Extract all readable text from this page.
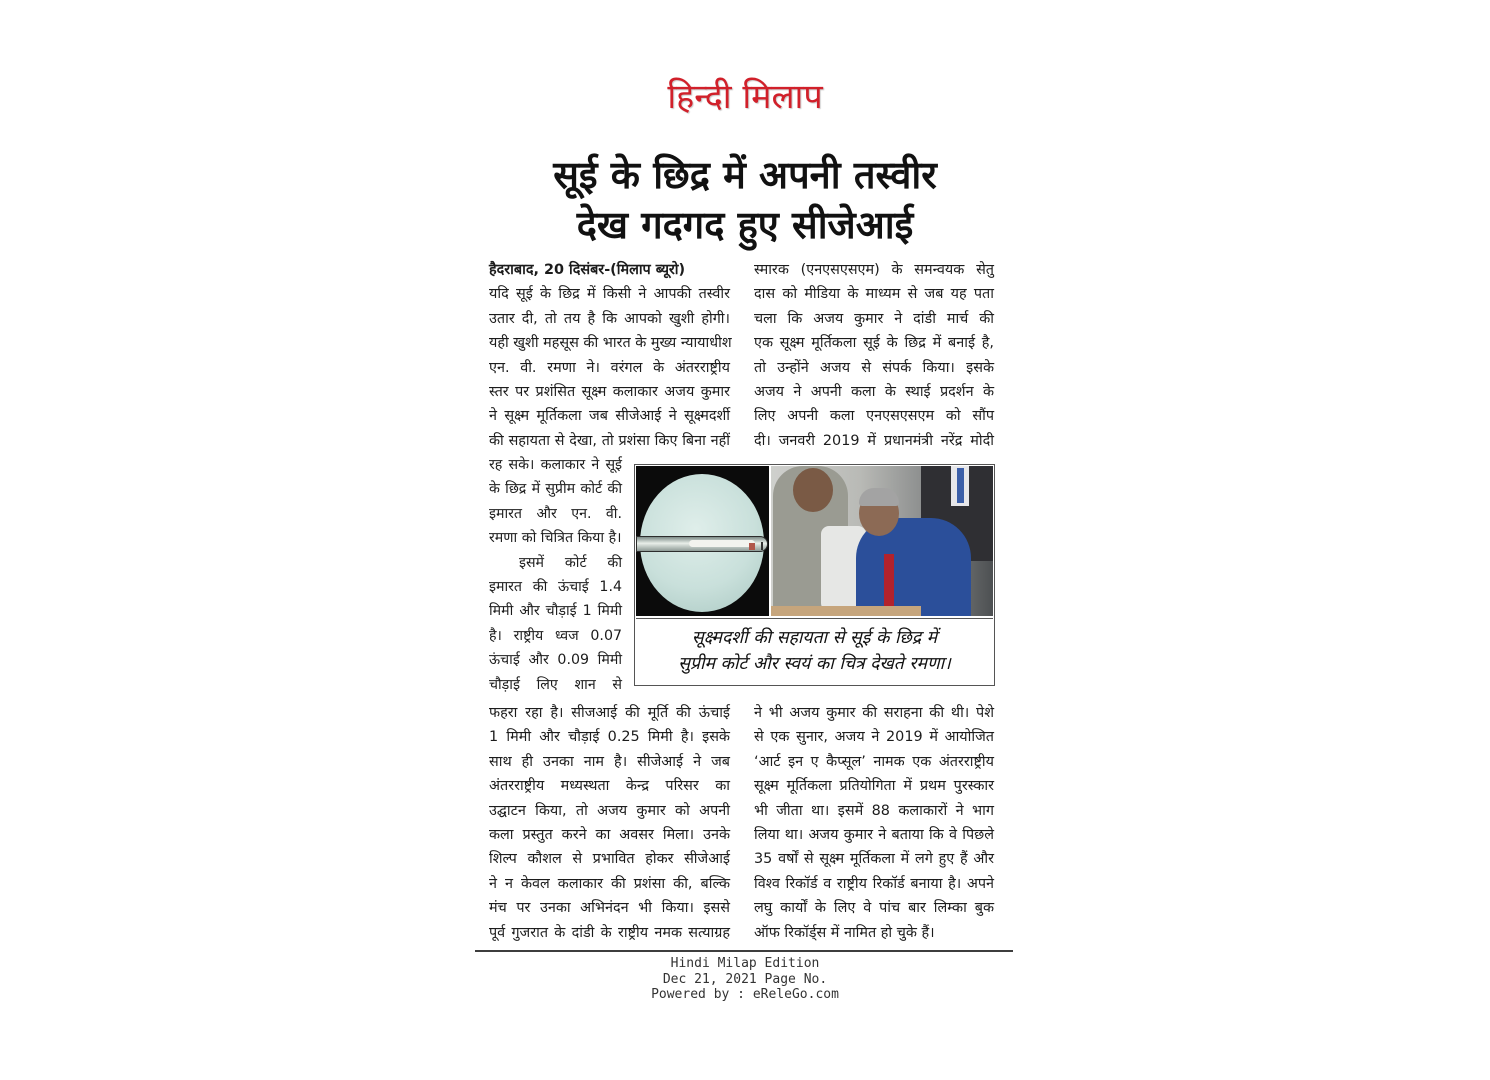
हिन्दी मिलाप
सूई के छिद्र में अपनी तस्वीर
देख गदगद हुए सीजेआई

हैदराबाद, 20 दिसंबर-(मिलाप ब्यूरो)

यदि सूई के छिद्र में किसी ने आपकी तस्वीर

उतार दी, तो तय है कि आपको खुशी होगी।

यही खुशी महसूस की भारत के मुख्य न्यायाधीश

एन. वी. रमणा ने। वरंगल के अंतरराष्ट्रीय

स्तर पर प्रशंसित सूक्ष्म कलाकार अजय कुमार

ने सूक्ष्म मूर्तिकला जब सीजेआई ने सूक्ष्मदर्शी

की सहायता से देखा, तो प्रशंसा किए बिना नहीं

स्मारक (एनएसएसएम) के समन्वयक सेतु

दास को मीडिया के माध्यम से जब यह पता

चला कि अजय कुमार ने दांडी मार्च की

एक सूक्ष्म मूर्तिकला सूई के छिद्र में बनाई है,

तो उन्होंने अजय से संपर्क किया। इसके

अजय ने अपनी कला के स्थाई प्रदर्शन के

लिए अपनी कला एनएसएसएम को सौंप

दी। जनवरी 2019 में प्रधानमंत्री नरेंद्र मोदी

रह सके। कलाकार ने सूई

के छिद्र में सुप्रीम कोर्ट की

इमारत और एन. वी.

रमणा को चित्रित किया है।

इसमें कोर्ट की

इमारत की ऊंचाई 1.4

मिमी और चौड़ाई 1 मिमी

है। राष्ट्रीय ध्वज 0.07

ऊंचाई और 0.09 मिमी

चौड़ाई लिए शान से

सूक्ष्मदर्शी की सहायता से सूई के छिद्र में
सुप्रीम कोर्ट और स्वयं का चित्र देखते रमणा।

फहरा रहा है। सीजआई की मूर्ति की ऊंचाई

1 मिमी और चौड़ाई 0.25 मिमी है। इसके

साथ ही उनका नाम है। सीजेआई ने जब

अंतरराष्ट्रीय मध्यस्थता केन्द्र परिसर का

उद्घाटन किया, तो अजय कुमार को अपनी

कला प्रस्तुत करने का अवसर मिला। उनके

शिल्प कौशल से प्रभावित होकर सीजेआई

ने न केवल कलाकार की प्रशंसा की, बल्कि

मंच पर उनका अभिनंदन भी किया। इससे

पूर्व गुजरात के दांडी के राष्ट्रीय नमक सत्याग्रह

ने भी अजय कुमार की सराहना की थी। पेशे

से एक सुनार, अजय ने 2019 में आयोजित

‘आर्ट इन ए कैप्सूल’ नामक एक अंतरराष्ट्रीय

सूक्ष्म मूर्तिकला प्रतियोगिता में प्रथम पुरस्कार

भी जीता था। इसमें 88 कलाकारों ने भाग

लिया था। अजय कुमार ने बताया कि वे पिछले

35 वर्षों से सूक्ष्म मूर्तिकला में लगे हुए हैं और

विश्व रिकॉर्ड व राष्ट्रीय रिकॉर्ड बनाया है। अपने

लघु कार्यों के लिए वे पांच बार लिम्का बुक

ऑफ रिकॉर्ड्स में नामित हो चुके हैं।

Hindi Milap Edition
Dec 21, 2021 Page No.
Powered by : eReleGo.com
